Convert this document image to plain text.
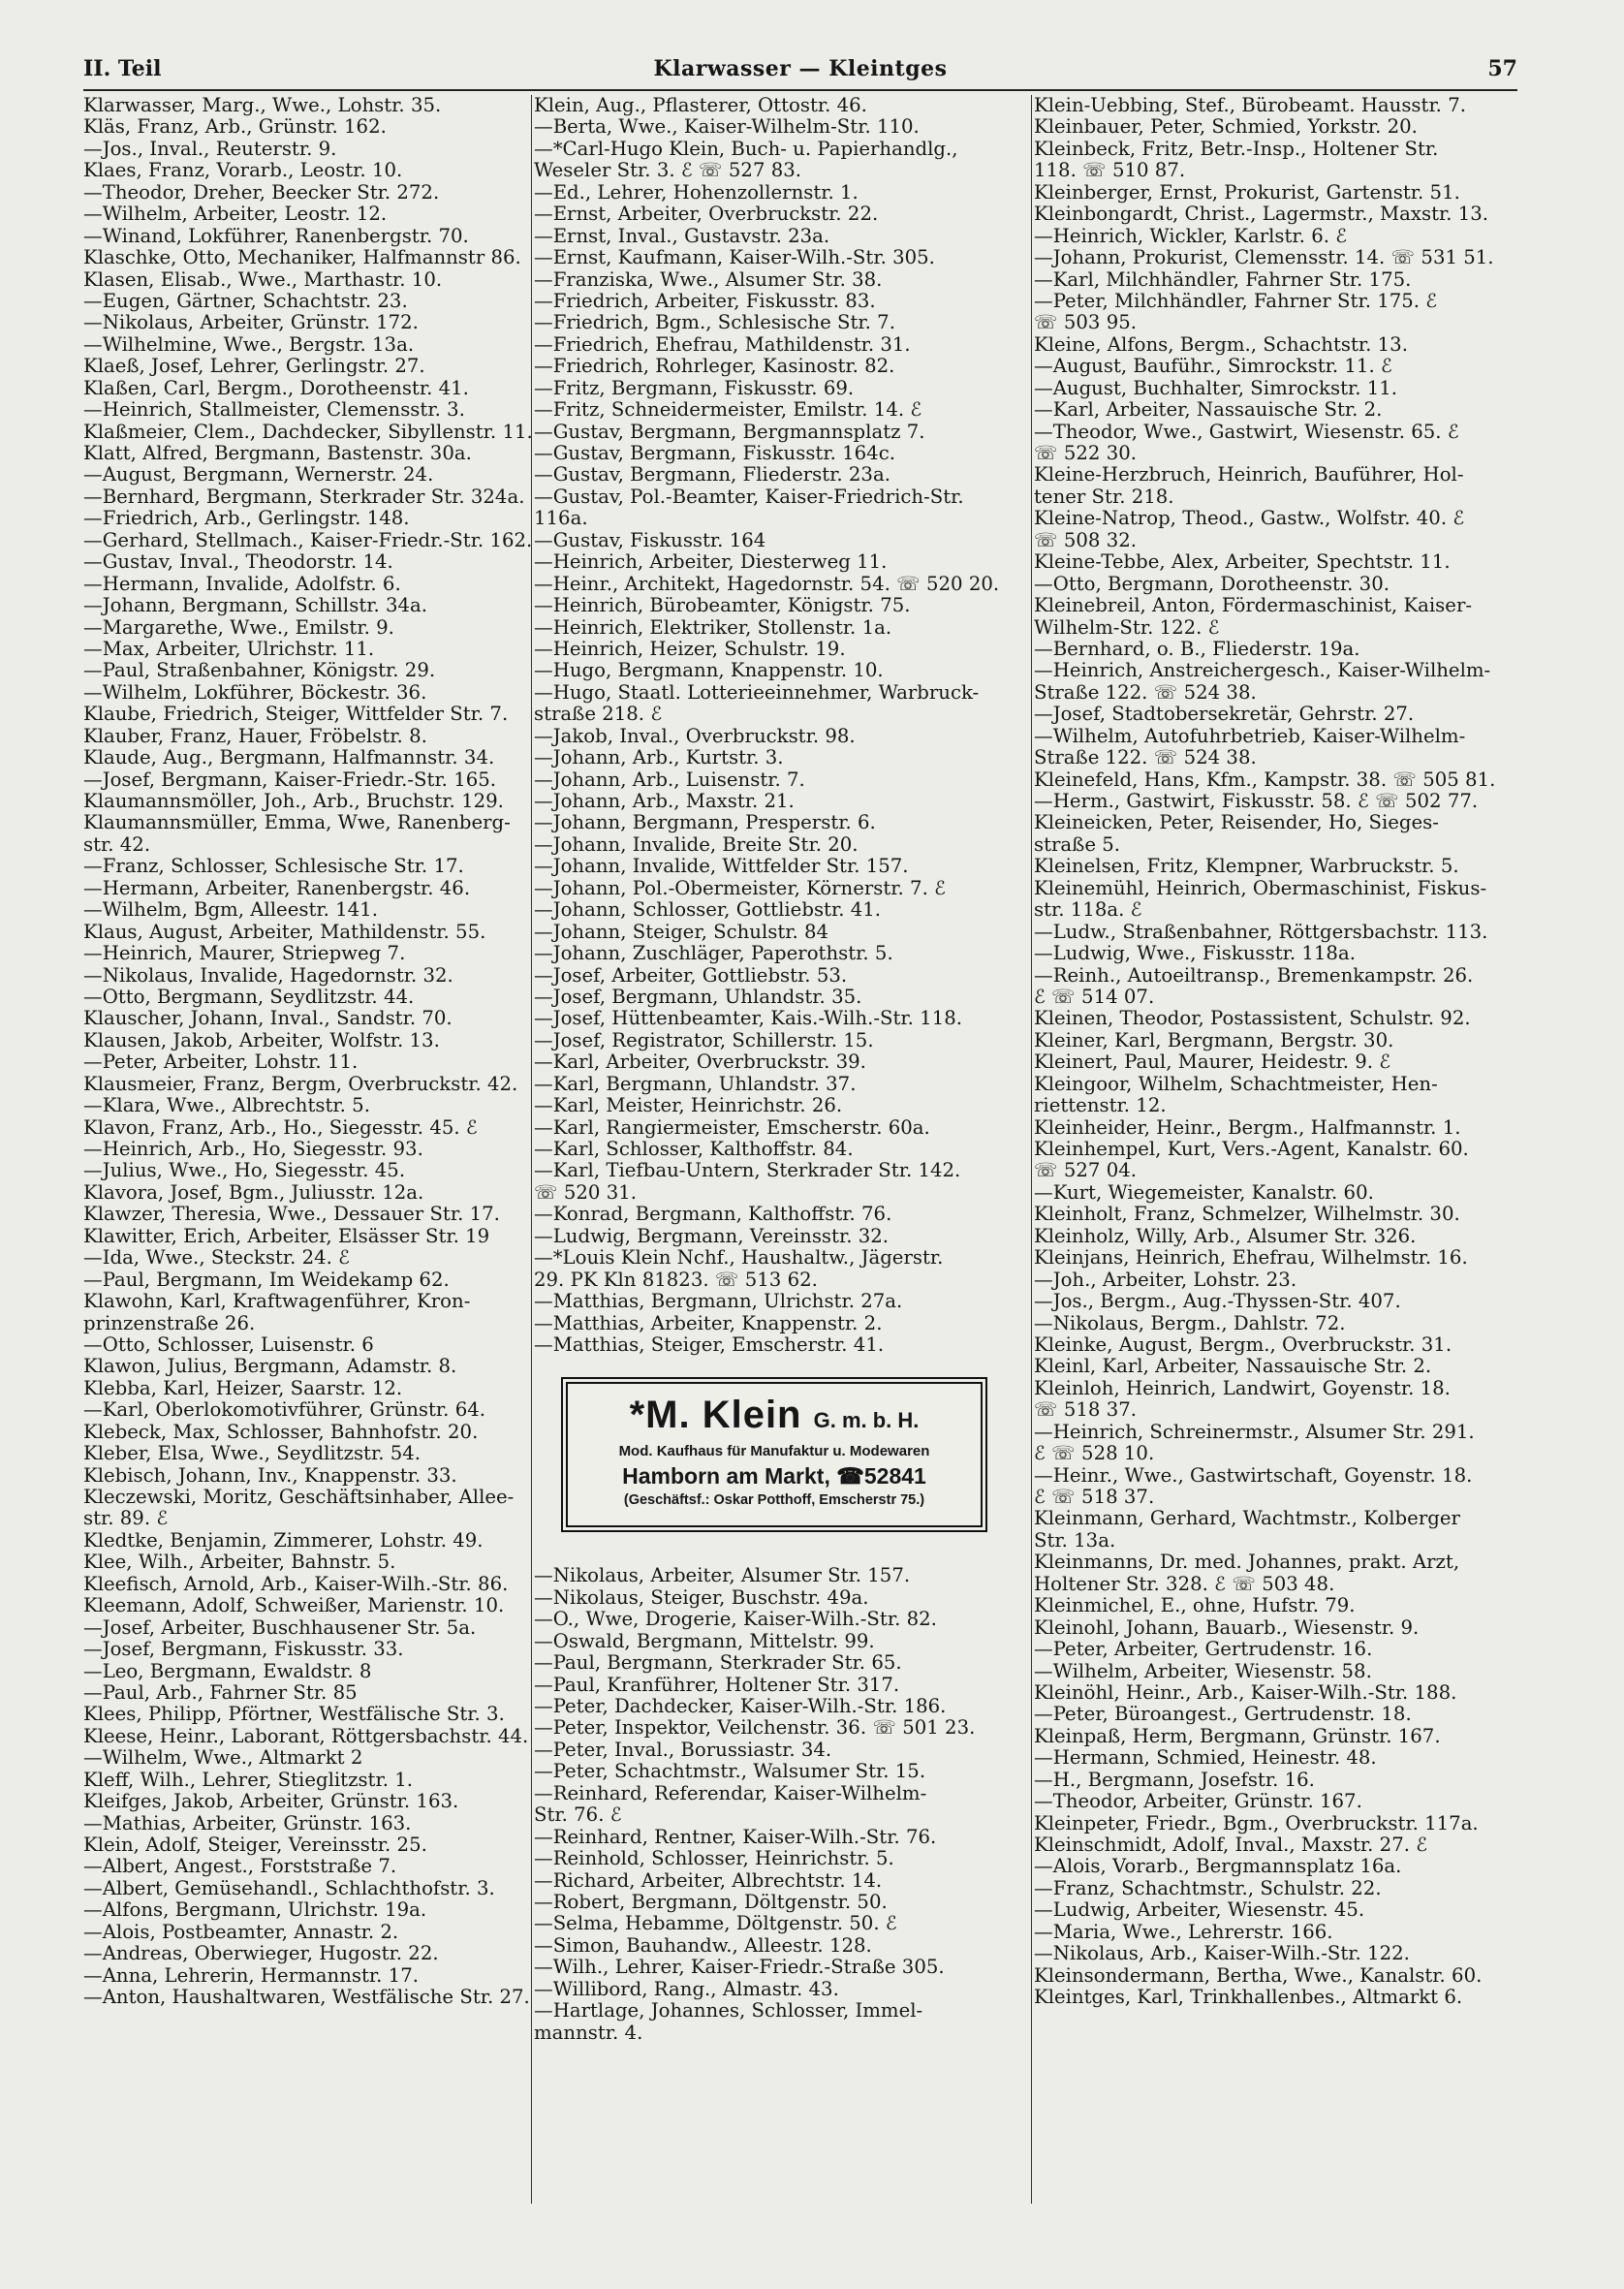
II. Teil	Klarwasser — Kleintges	57
Klarwasser, Marg., Wwe., Lohstr. 35.
Kläs, Franz, Arb., Grünstr. 162.
—Jos., Inval., Reuterstr. 9.
Klaes, Franz, Vorarb., Leostr. 10.
—Theodor, Dreher, Beecker Str. 272.
—Wilhelm, Arbeiter, Leostr. 12.
—Winand, Lokführer, Ranenbergstr. 70.
Klaschke, Otto, Mechaniker, Halfmannstr 86.
Klasen, Elisab., Wwe., Marthastr. 10.
—Eugen, Gärtner, Schachtstr. 23.
—Nikolaus, Arbeiter, Grünstr. 172.
—Wilhelmine, Wwe., Bergstr. 13a.
Klaeß, Josef, Lehrer, Gerlingstr. 27.
Klaßen, Carl, Bergm., Dorotheenstr. 41.
—Heinrich, Stallmeister, Clemensstr. 3.
Klaßmeier, Clem., Dachdecker, Sibyllenstr. 11.
Klatt, Alfred, Bergmann, Bastenstr. 30a.
—August, Bergmann, Wernerstr. 24.
—Bernhard, Bergmann, Sterkrader Str. 324a.
—Friedrich, Arb., Gerlingstr. 148.
—Gerhard, Stellmach., Kaiser-Friedr.-Str. 162.
—Gustav, Inval., Theodorstr. 14.
—Hermann, Invalide, Adolfstr. 6.
—Johann, Bergmann, Schillstr. 34a.
—Margarethe, Wwe., Emilstr. 9.
—Max, Arbeiter, Ulrichstr. 11.
—Paul, Straßenbahner, Königstr. 29.
—Wilhelm, Lokführer, Böckestr. 36.
Klaube, Friedrich, Steiger, Wittfelder Str. 7.
Klauber, Franz, Hauer, Fröbelstr. 8.
Klaude, Aug., Bergmann, Halfmannstr. 34.
—Josef, Bergmann, Kaiser-Friedr.-Str. 165.
Klaumannsmöller, Joh., Arb., Bruchstr. 129.
Klaumannsmüller, Emma, Wwe, Ranenberg-
str. 42.
—Franz, Schlosser, Schlesische Str. 17.
—Hermann, Arbeiter, Ranenbergstr. 46.
—Wilhelm, Bgm, Alleestr. 141.
Klaus, August, Arbeiter, Mathildenstr. 55.
—Heinrich, Maurer, Striepweg 7.
—Nikolaus, Invalide, Hagedornstr. 32.
—Otto, Bergmann, Seydlitzstr. 44.
Klauscher, Johann, Inval., Sandstr. 70.
Klausen, Jakob, Arbeiter, Wolfstr. 13.
—Peter, Arbeiter, Lohstr. 11.
Klausmeier, Franz, Bergm, Overbruckstr. 42.
—Klara, Wwe., Albrechtstr. 5.
Klavon, Franz, Arb., Ho., Siegesstr. 45. ℰ
—Heinrich, Arb., Ho, Siegesstr. 93.
—Julius, Wwe., Ho, Siegesstr. 45.
Klavora, Josef, Bgm., Juliusstr. 12a.
Klawzer, Theresia, Wwe., Dessauer Str. 17.
Klawitter, Erich, Arbeiter, Elsässer Str. 19
—Ida, Wwe., Steckstr. 24. ℰ
—Paul, Bergmann, Im Weidekamp 62.
Klawohn, Karl, Kraftwagenführer, Kron-
prinzenstraße 26.
—Otto, Schlosser, Luisenstr. 6
Klawon, Julius, Bergmann, Adamstr. 8.
Klebba, Karl, Heizer, Saarstr. 12.
—Karl, Oberlokomotivführer, Grünstr. 64.
Klebeck, Max, Schlosser, Bahnhofstr. 20.
Kleber, Elsa, Wwe., Seydlitzstr. 54.
Klebisch, Johann, Inv., Knappenstr. 33.
Kleczewski, Moritz, Geschäftsinhaber, Allee-
str. 89. ℰ
Kledtke, Benjamin, Zimmerer, Lohstr. 49.
Klee, Wilh., Arbeiter, Bahnstr. 5.
Kleefisch, Arnold, Arb., Kaiser-Wilh.-Str. 86.
Kleemann, Adolf, Schweißer, Marienstr. 10.
—Josef, Arbeiter, Buschhausener Str. 5a.
—Josef, Bergmann, Fiskusstr. 33.
—Leo, Bergmann, Ewaldstr. 8
—Paul, Arb., Fahrner Str. 85
Klees, Philipp, Pförtner, Westfälische Str. 3.
Kleese, Heinr., Laborant, Röttgersbachstr. 44.
—Wilhelm, Wwe., Altmarkt 2
Kleff, Wilh., Lehrer, Stieglitzstr. 1.
Kleifges, Jakob, Arbeiter, Grünstr. 163.
—Mathias, Arbeiter, Grünstr. 163.
Klein, Adolf, Steiger, Vereinsstr. 25.
—Albert, Angest., Forststraße 7.
—Albert, Gemüsehandl., Schlachthofstr. 3.
—Alfons, Bergmann, Ulrichstr. 19a.
—Alois, Postbeamter, Annastr. 2.
—Andreas, Oberwieger, Hugostr. 22.
—Anna, Lehrerin, Hermannstr. 17.
—Anton, Haushaltwaren, Westfälische Str. 27.
Klein, Aug., Pflasterer, Ottostr. 46.
—Berta, Wwe., Kaiser-Wilhelm-Str. 110.
—*Carl-Hugo Klein, Buch- u. Papierhandlg.,
Weseler Str. 3. ℰ ☏ 527 83.
—Ed., Lehrer, Hohenzollernstr. 1.
—Ernst, Arbeiter, Overbruckstr. 22.
—Ernst, Inval., Gustavstr. 23a.
—Ernst, Kaufmann, Kaiser-Wilh.-Str. 305.
—Franziska, Wwe., Alsumer Str. 38.
—Friedrich, Arbeiter, Fiskusstr. 83.
—Friedrich, Bgm., Schlesische Str. 7.
—Friedrich, Ehefrau, Mathildenstr. 31.
—Friedrich, Rohrleger, Kasinostr. 82.
—Fritz, Bergmann, Fiskusstr. 69.
—Fritz, Schneidermeister, Emilstr. 14. ℰ
—Gustav, Bergmann, Bergmannsplatz 7.
—Gustav, Bergmann, Fiskusstr. 164c.
—Gustav, Bergmann, Fliederstr. 23a.
—Gustav, Pol.-Beamter, Kaiser-Friedrich-Str.
116a.
—Gustav, Fiskusstr. 164
—Heinrich, Arbeiter, Diesterweg 11.
—Heinr., Architekt, Hagedornstr. 54. ☏ 520 20.
—Heinrich, Bürobeamter, Königstr. 75.
—Heinrich, Elektriker, Stollenstr. 1a.
—Heinrich, Heizer, Schulstr. 19.
—Hugo, Bergmann, Knappenstr. 10.
—Hugo, Staatl. Lotterieeinnehmer, Warbruck-
straße 218. ℰ
—Jakob, Inval., Overbruckstr. 98.
—Johann, Arb., Kurtstr. 3.
—Johann, Arb., Luisenstr. 7.
—Johann, Arb., Maxstr. 21.
—Johann, Bergmann, Presperstr. 6.
—Johann, Invalide, Breite Str. 20.
—Johann, Invalide, Wittfelder Str. 157.
—Johann, Pol.-Obermeister, Körnerstr. 7. ℰ
—Johann, Schlosser, Gottliebstr. 41.
—Johann, Steiger, Schulstr. 84
—Johann, Zuschläger, Paperothstr. 5.
—Josef, Arbeiter, Gottliebstr. 53.
—Josef, Bergmann, Uhlandstr. 35.
—Josef, Hüttenbeamter, Kais.-Wilh.-Str. 118.
—Josef, Registrator, Schillerstr. 15.
—Karl, Arbeiter, Overbruckstr. 39.
—Karl, Bergmann, Uhlandstr. 37.
—Karl, Meister, Heinrichstr. 26.
—Karl, Rangiermeister, Emscherstr. 60a.
—Karl, Schlosser, Kalthoffstr. 84.
—Karl, Tiefbau-Untern, Sterkrader Str. 142.
☏ 520 31.
—Konrad, Bergmann, Kalthoffstr. 76.
—Ludwig, Bergmann, Vereinsstr. 32.
—*Louis Klein Nchf., Haushaltw., Jägerstr.
29. PK Kln 81823. ☏ 513 62.
—Matthias, Bergmann, Ulrichstr. 27a.
—Matthias, Arbeiter, Knappenstr. 2.
—Matthias, Steiger, Emscherstr. 41.
*M. Klein G. m. b. H.
Mod. Kaufhaus für Manufaktur u. Modewaren
Hamborn am Markt, ☎52841
(Geschäftsf.: Oskar Potthoff, Emscherstr 75.)
—Nikolaus, Arbeiter, Alsumer Str. 157.
—Nikolaus, Steiger, Buschstr. 49a.
—O., Wwe, Drogerie, Kaiser-Wilh.-Str. 82.
—Oswald, Bergmann, Mittelstr. 99.
—Paul, Bergmann, Sterkrader Str. 65.
—Paul, Kranführer, Holtener Str. 317.
—Peter, Dachdecker, Kaiser-Wilh.-Str. 186.
—Peter, Inspektor, Veilchenstr. 36. ☏ 501 23.
—Peter, Inval., Borussiastr. 34.
—Peter, Schachtmstr., Walsumer Str. 15.
—Reinhard, Referendar, Kaiser-Wilhelm-
Str. 76. ℰ
—Reinhard, Rentner, Kaiser-Wilh.-Str. 76.
—Reinhold, Schlosser, Heinrichstr. 5.
—Richard, Arbeiter, Albrechtstr. 14.
—Robert, Bergmann, Döltgenstr. 50.
—Selma, Hebamme, Döltgenstr. 50. ℰ
—Simon, Bauhandw., Alleestr. 128.
—Wilh., Lehrer, Kaiser-Friedr.-Straße 305.
—Willibord, Rang., Almastr. 43.
—Hartlage, Johannes, Schlosser, Immel-
mannstr. 4.
Klein-Uebbing, Stef., Bürobeamt. Hausstr. 7.
Kleinbauer, Peter, Schmied, Yorkstr. 20.
Kleinbeck, Fritz, Betr.-Insp., Holtener Str.
118. ☏ 510 87.
Kleinberger, Ernst, Prokurist, Gartenstr. 51.
Kleinbongardt, Christ., Lagermstr., Maxstr. 13.
—Heinrich, Wickler, Karlstr. 6. ℰ
—Johann, Prokurist, Clemensstr. 14. ☏ 531 51.
—Karl, Milchhändler, Fahrner Str. 175.
—Peter, Milchhändler, Fahrner Str. 175. ℰ
☏ 503 95.
Kleine, Alfons, Bergm., Schachtstr. 13.
—August, Bauführ., Simrockstr. 11. ℰ
—August, Buchhalter, Simrockstr. 11.
—Karl, Arbeiter, Nassauische Str. 2.
—Theodor, Wwe., Gastwirt, Wiesenstr. 65. ℰ
☏ 522 30.
Kleine-Herzbruch, Heinrich, Bauführer, Hol-
tener Str. 218.
Kleine-Natrop, Theod., Gastw., Wolfstr. 40. ℰ
☏ 508 32.
Kleine-Tebbe, Alex, Arbeiter, Spechtstr. 11.
—Otto, Bergmann, Dorotheenstr. 30.
Kleinebreil, Anton, Fördermaschinist, Kaiser-
Wilhelm-Str. 122. ℰ
—Bernhard, o. B., Fliederstr. 19a.
—Heinrich, Anstreichergesch., Kaiser-Wilhelm-
Straße 122. ☏ 524 38.
—Josef, Stadtobersekretär, Gehrstr. 27.
—Wilhelm, Autofuhrbetrieb, Kaiser-Wilhelm-
Straße 122. ☏ 524 38.
Kleinefeld, Hans, Kfm., Kampstr. 38. ☏ 505 81.
—Herm., Gastwirt, Fiskusstr. 58. ℰ ☏ 502 77.
Kleineicken, Peter, Reisender, Ho, Sieges-
straße 5.
Kleinelsen, Fritz, Klempner, Warbruckstr. 5.
Kleinemühl, Heinrich, Obermaschinist, Fiskus-
str. 118a. ℰ
—Ludw., Straßenbahner, Röttgersbachstr. 113.
—Ludwig, Wwe., Fiskusstr. 118a.
—Reinh., Autoeiltransp., Bremenkampstr. 26.
ℰ ☏ 514 07.
Kleinen, Theodor, Postassistent, Schulstr. 92.
Kleiner, Karl, Bergmann, Bergstr. 30.
Kleinert, Paul, Maurer, Heidestr. 9. ℰ
Kleingoor, Wilhelm, Schachtmeister, Hen-
riettenstr. 12.
Kleinheider, Heinr., Bergm., Halfmannstr. 1.
Kleinhempel, Kurt, Vers.-Agent, Kanalstr. 60.
☏ 527 04.
—Kurt, Wiegemeister, Kanalstr. 60.
Kleinholt, Franz, Schmelzer, Wilhelmstr. 30.
Kleinholz, Willy, Arb., Alsumer Str. 326.
Kleinjans, Heinrich, Ehefrau, Wilhelmstr. 16.
—Joh., Arbeiter, Lohstr. 23.
—Jos., Bergm., Aug.-Thyssen-Str. 407.
—Nikolaus, Bergm., Dahlstr. 72.
Kleinke, August, Bergm., Overbruckstr. 31.
Kleinl, Karl, Arbeiter, Nassauische Str. 2.
Kleinloh, Heinrich, Landwirt, Goyenstr. 18.
☏ 518 37.
—Heinrich, Schreinermstr., Alsumer Str. 291.
ℰ ☏ 528 10.
—Heinr., Wwe., Gastwirtschaft, Goyenstr. 18.
ℰ ☏ 518 37.
Kleinmann, Gerhard, Wachtmstr., Kolberger
Str. 13a.
Kleinmanns, Dr. med. Johannes, prakt. Arzt,
Holtener Str. 328. ℰ ☏ 503 48.
Kleinmichel, E., ohne, Hufstr. 79.
Kleinohl, Johann, Bauarb., Wiesenstr. 9.
—Peter, Arbeiter, Gertrudenstr. 16.
—Wilhelm, Arbeiter, Wiesenstr. 58.
Kleinöhl, Heinr., Arb., Kaiser-Wilh.-Str. 188.
—Peter, Büroangest., Gertrudenstr. 18.
Kleinpaß, Herm, Bergmann, Grünstr. 167.
—Hermann, Schmied, Heinestr. 48.
—H., Bergmann, Josefstr. 16.
—Theodor, Arbeiter, Grünstr. 167.
Kleinpeter, Friedr., Bgm., Overbruckstr. 117a.
Kleinschmidt, Adolf, Inval., Maxstr. 27. ℰ
—Alois, Vorarb., Bergmannsplatz 16a.
—Franz, Schachtmstr., Schulstr. 22.
—Ludwig, Arbeiter, Wiesenstr. 45.
—Maria, Wwe., Lehrerstr. 166.
—Nikolaus, Arb., Kaiser-Wilh.-Str. 122.
Kleinsondermann, Bertha, Wwe., Kanalstr. 60.
Kleintges, Karl, Trinkhallenbes., Altmarkt 6.
